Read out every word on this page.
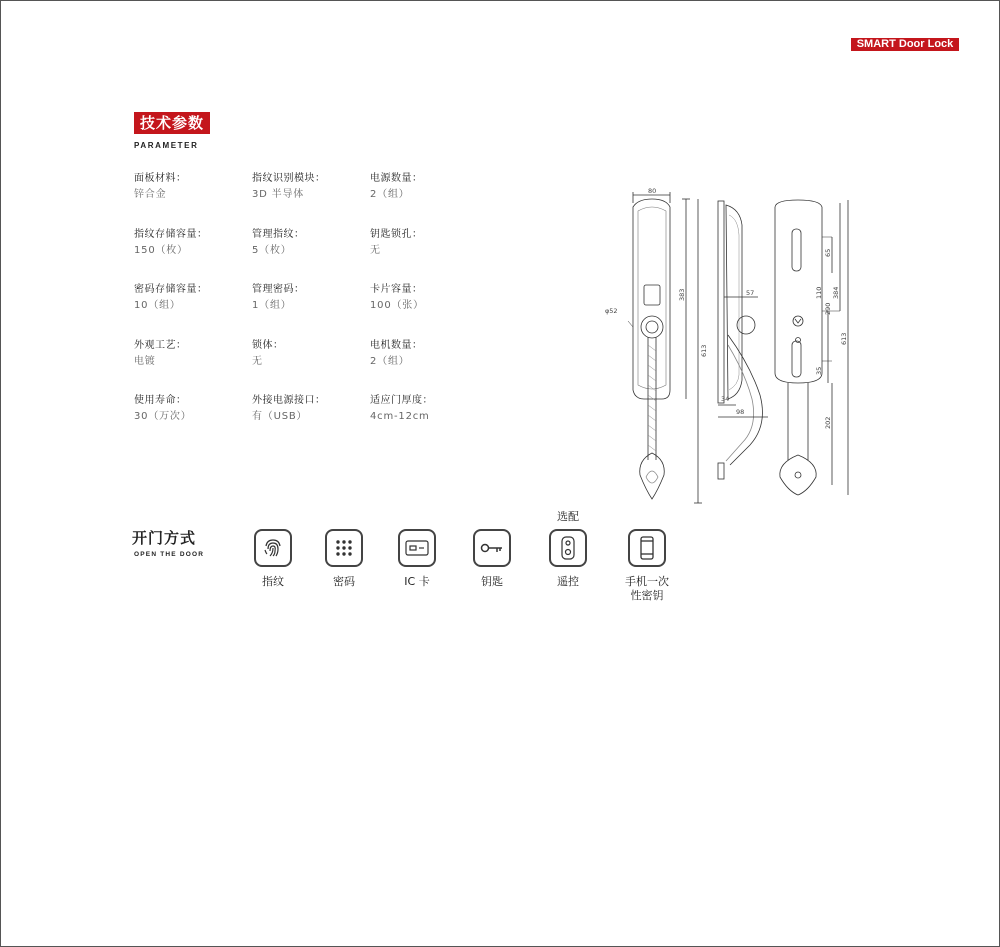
SMART Door Lock
技术参数
PARAMETER
面板材料：
锌合金
指纹识别模块：
3D 半导体
电源数量：
2（组）
指纹存储容量：
150（枚）
管理指纹：
5（枚）
钥匙锁孔：
无
密码存储容量：
10（组）
管理密码：
1（组）
卡片容量：
100（张）
外观工艺：
电镀
锁体：
无
电机数量：
2（组）
使用寿命：
30（万次）
外接电源接口：
有（USB）
适应门厚度：
4cm-12cm
80
φ52
383
613
57
34
98
65
110
290
384
35
202
613
开门方式
OPEN THE DOOR
选配
指纹	密码	IC 卡	钥匙	遥控	手机一次性密钥
